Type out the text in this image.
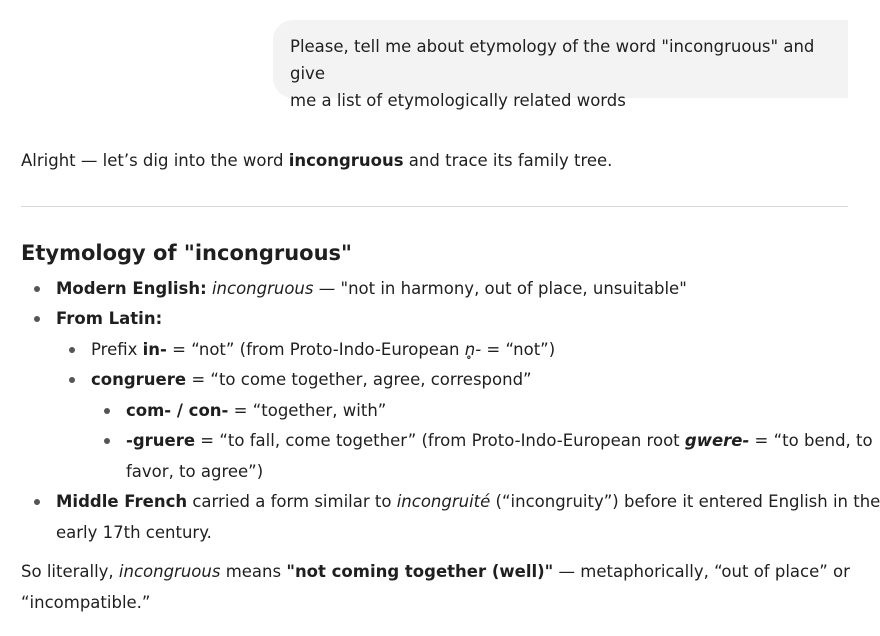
Please, tell me about etymology of the word "incongruous" and give
me a list of etymologically related words
Alright — let’s dig into the word incongruous and trace its family tree.
Etymology of "incongruous"
Modern English: incongruous — "not in harmony, out of place, unsuitable"
From Latin:
Prefix in- = “not” (from Proto-Indo-European n̥- = “not”)
congruere = “to come together, agree, correspond”
com- / con- = “together, with”
-gruere = “to fall, come together” (from Proto-Indo-European root gwere- = “to bend, to
favor, to agree”)
Middle French carried a form similar to incongruité (“incongruity”) before it entered English in the
early 17th century.
So literally, incongruous means "not coming together (well)" — metaphorically, “out of place” or
“incompatible.”
